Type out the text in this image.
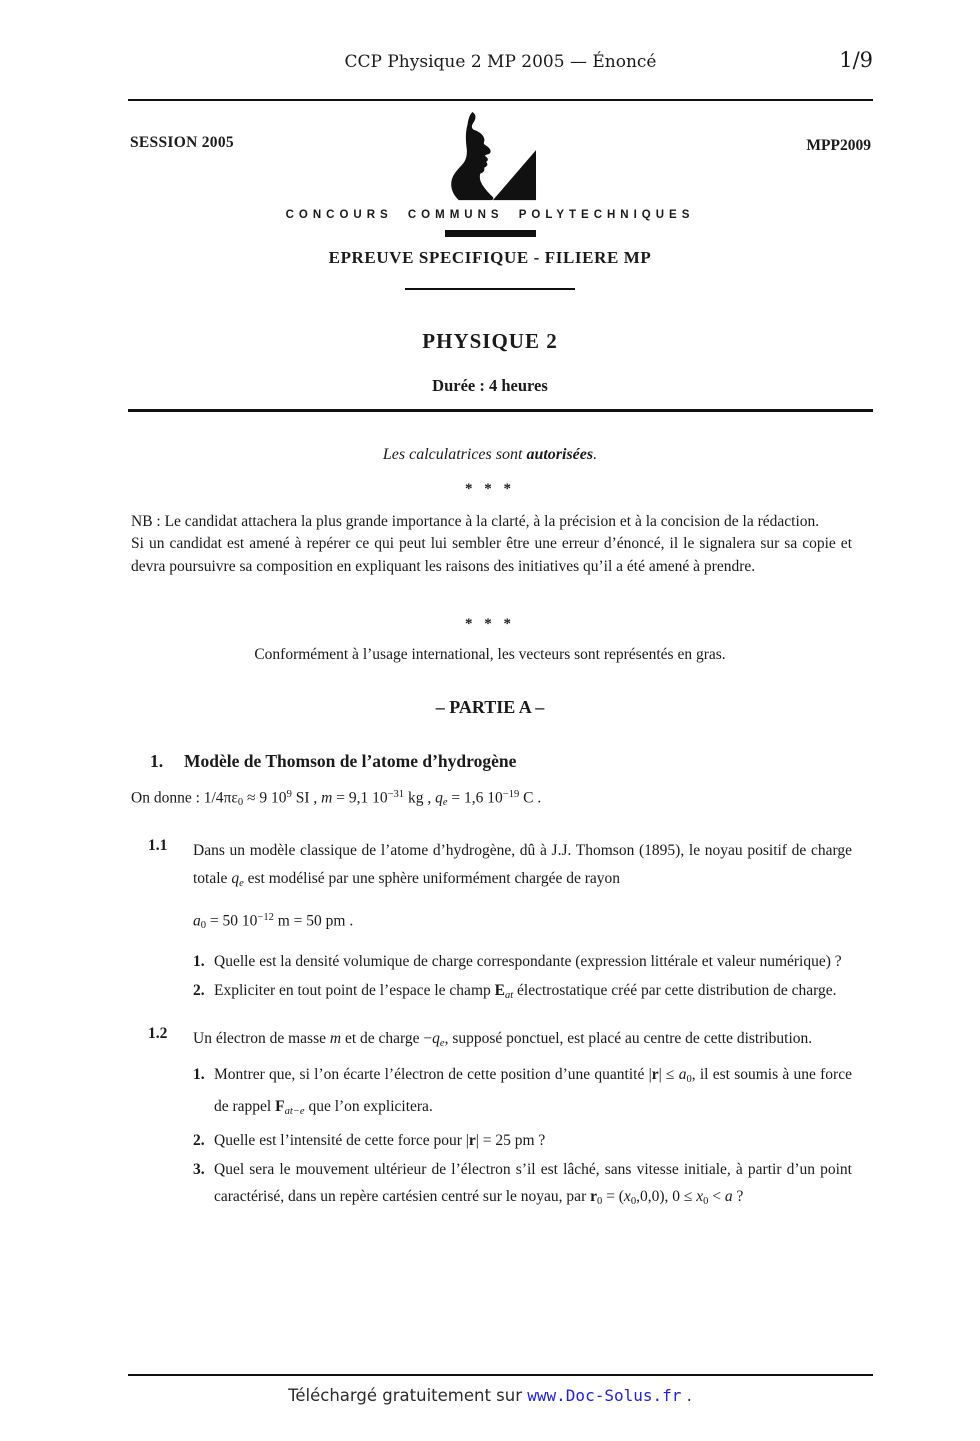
CCP Physique 2 MP 2005 — Énoncé	1/9
SESSION 2005	MPP2009
CONCOURS COMMUNS POLYTECHNIQUES
EPREUVE SPECIFIQUE - FILIERE MP
PHYSIQUE 2
Durée : 4 heures
Les calculatrices sont autorisées.
* * *

NB : Le candidat attachera la plus grande importance à la clarté, à la précision et à la concision de la rédaction.

Si un candidat est amené à repérer ce qui peut lui sembler être une erreur d’énoncé, il le signalera sur sa copie et devra poursuivre sa composition en expliquant les raisons des initiatives qu’il a été amené à prendre.

* * *
Conformément à l’usage international, les vecteurs sont représentés en gras.
– PARTIE A –
1. Modèle de Thomson de l’atome d’hydrogène
On donne : $1/4\pi\varepsilon_0 \approx 9$ $10^9$ SI , m = 9,1 $10^{-31}$ kg , qe = 1,6 $10^{-19}$ C .
1.1 Dans un modèle classique de l’atome d’hydrogène, dû à J.J. Thomson (1895), le noyau positif de charge totale qe est modélisé par une sphère uniformément chargée de rayon
$a_0 = 50$ $10^{-12}$ m = 50 pm .
1. Quelle est la densité volumique de charge correspondante (expression littérale et valeur numérique) ?
2. Expliciter en tout point de l’espace le champ Eat électrostatique créé par cette distribution de charge.
1.2 Un électron de masse m et de charge −qe, supposé ponctuel, est placé au centre de cette distribution.
1. Montrer que, si l’on écarte l’électron de cette position d’une quantité $|r| \le a_0$, il est soumis à une force de rappel Fat−e que l’on explicitera.
2. Quelle est l’intensité de cette force pour |r| = 25 pm ?
3. Quel sera le mouvement ultérieur de l’électron s’il est lâché, sans vitesse initiale, à partir d’un point caractérisé, dans un repère cartésien centré sur le noyau, par $r_0 = (x_0,0,0)$, $0 \le x_0 < a$ ?
Téléchargé gratuitement sur www.Doc-Solus.fr .
